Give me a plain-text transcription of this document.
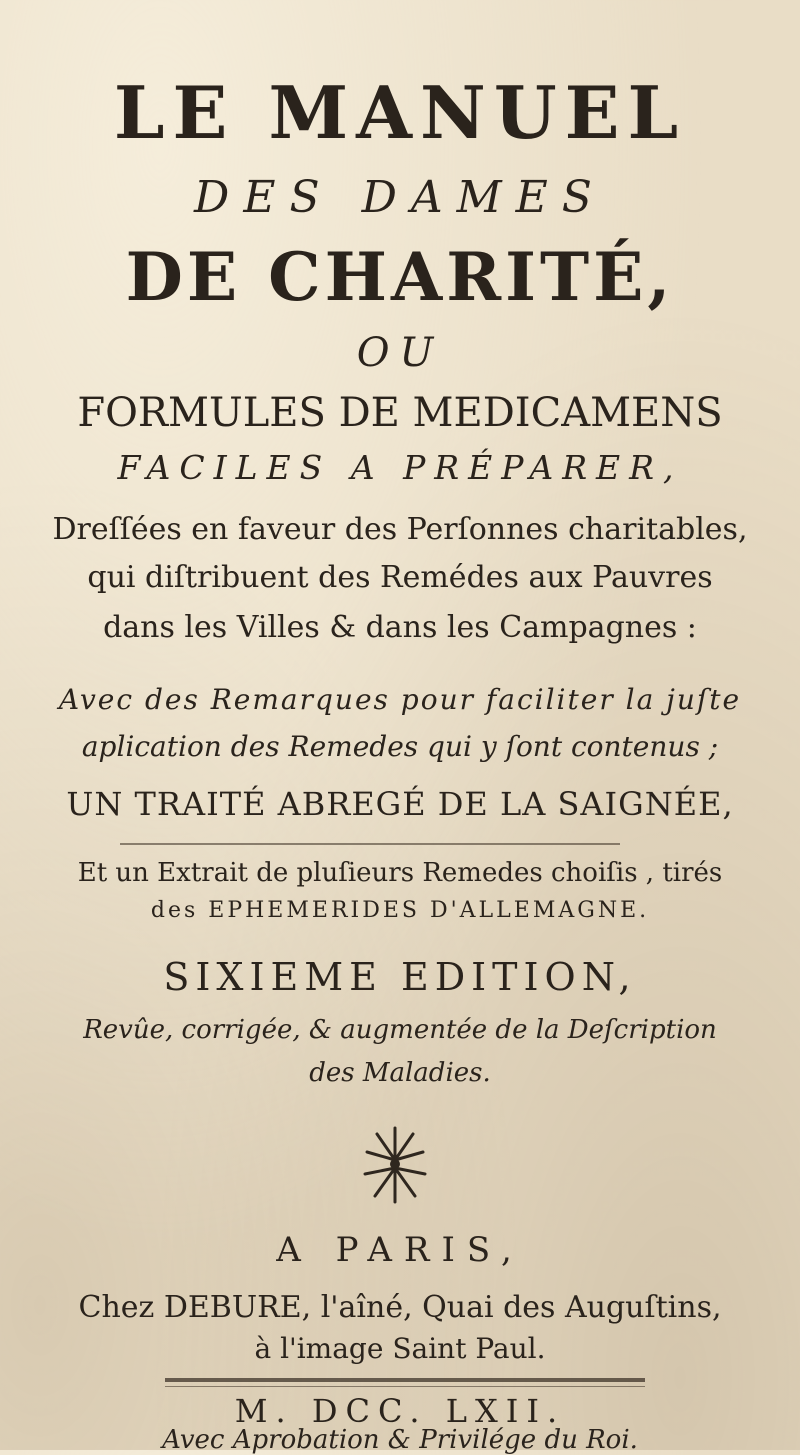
LE MANUEL
DES DAMES
DE CHARITÉ,
OU
FORMULES DE MEDICAMENS
FACILES A PRÉPARER,
Dreſſées en faveur des Perſonnes charitables,
qui diſtribuent des Remédes aux Pauvres
dans les Villes & dans les Campagnes :
Avec des Remarques pour faciliter la juſte
aplication des Remedes qui y ſont contenus ;
UN TRAITÉ ABREGÉ DE LA SAIGNÉE,
Et un Extrait de pluſieurs Remedes choiſis , tirés
des EPHEMERIDES D'ALLEMAGNE.
SIXIEME EDITION,
Revûe, corrigée, & augmentée de la Deſcription
des Maladies.
A PARIS,
Chez DEBURE, l'aîné, Quai des Auguſtins,
à l'image Saint Paul.
M. DCC. LXII.
Avec Aprobation & Privilége du Roi.
